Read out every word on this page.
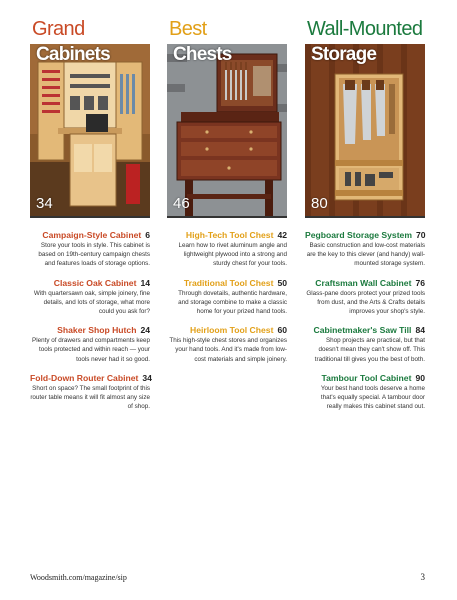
Grand
Cabinets
34
Campaign-Style Cabinet 6
Store your tools in style. This cabinet is based on 19th-century campaign chests and features loads of storage options.
Classic Oak Cabinet 14
With quartersawn oak, simple joinery, fine details, and lots of storage, what more could you ask for?
Shaker Shop Hutch 24
Plenty of drawers and compartments keep tools protected and within reach — your tools never had it so good.
Fold-Down Router Cabinet 34
Short on space? The small footprint of this router table means it will fit almost any size of shop.
Best
Chests
46
High-Tech Tool Chest 42
Learn how to rivet aluminum angle and lightweight plywood into a strong and sturdy chest for your tools.
Traditional Tool Chest 50
Through dovetails, authentic hardware, and storage combine to make a classic home for your prized hand tools.
Heirloom Tool Chest 60
This high-style chest stores and organizes your hand tools. And it's made from low-cost materials and simple joinery.
Wall-Mounted
Storage
80
Pegboard Storage System 70
Basic construction and low-cost materials are the key to this clever (and handy) wall-mounted storage system.
Craftsman Wall Cabinet 76
Glass-pane doors protect your prized tools from dust, and the Arts & Crafts details improves your shop's style.
Cabinetmaker's Saw Till 84
Shop projects are practical, but that doesn't mean they can't show off. This traditional till gives you the best of both.
Tambour Tool Cabinet 90
Your best hand tools deserve a home that's equally special. A tambour door really makes this cabinet stand out.
Woodsmith.com/magazine/sip	3
